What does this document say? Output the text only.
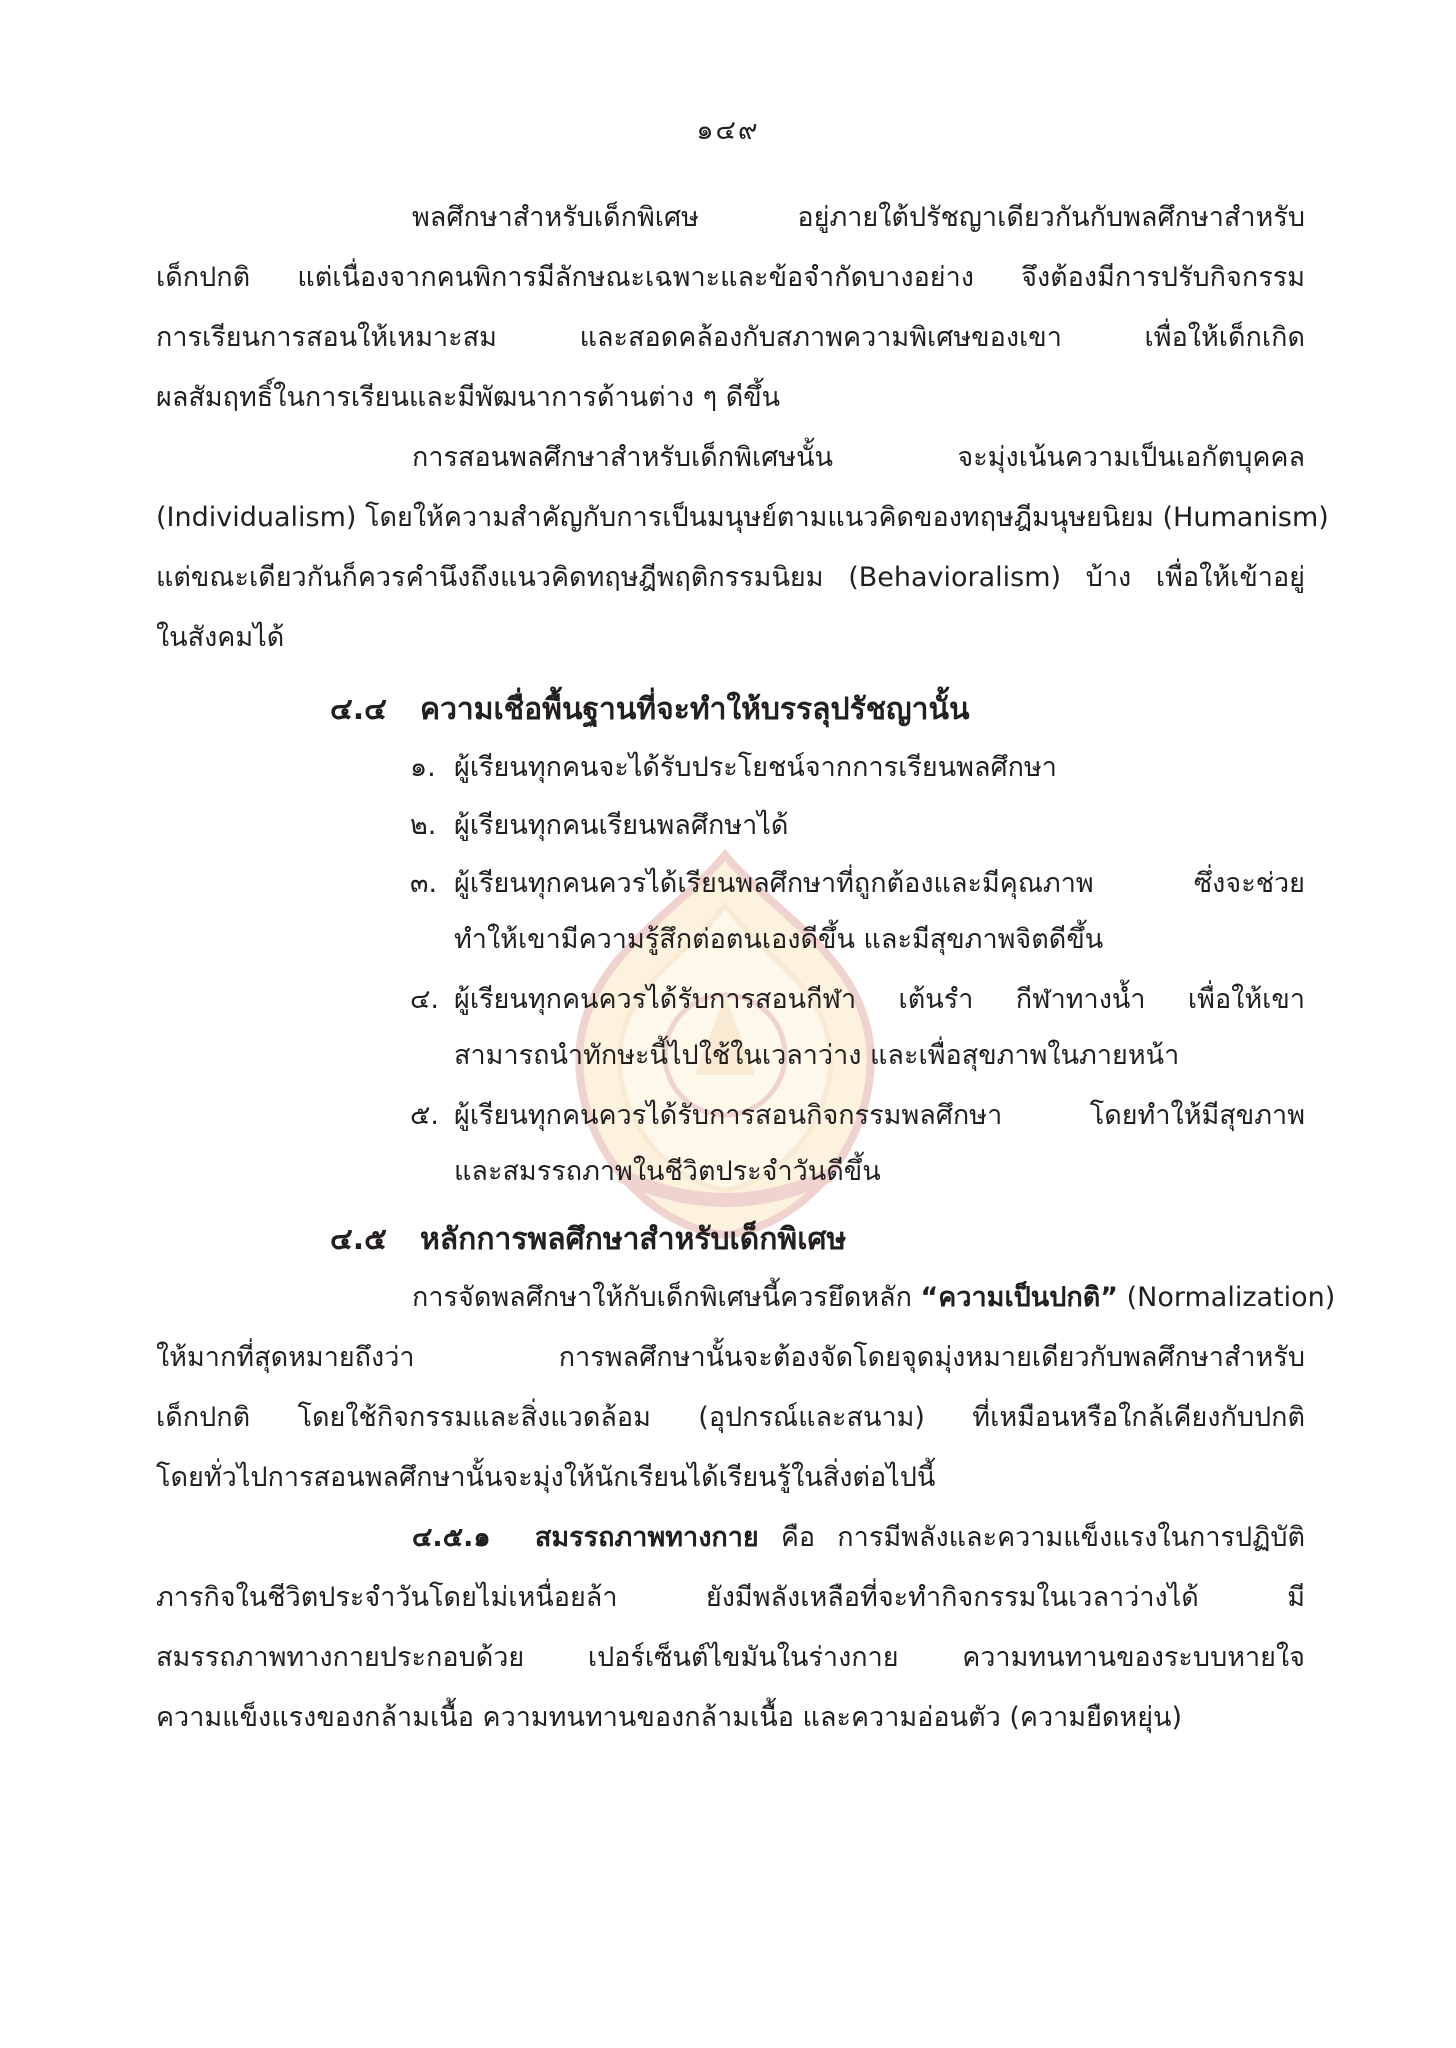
๑๔๙
พลศึกษาสำหรับเด็กพิเศษ อยู่ภายใต้ปรัชญาเดียวกันกับพลศึกษาสำหรับ
เด็กปกติ แต่เนื่องจากคนพิการมีลักษณะเฉพาะและข้อจำกัดบางอย่าง จึงต้องมีการปรับกิจกรรม
การเรียนการสอนให้เหมาะสม และสอดคล้องกับสภาพความพิเศษของเขา เพื่อให้เด็กเกิด
ผลสัมฤทธิ์ในการเรียนและมีพัฒนาการด้านต่าง ๆ ดีขึ้น
การสอนพลศึกษาสำหรับเด็กพิเศษนั้น จะมุ่งเน้นความเป็นเอกัตบุคคล
(Individualism) โดยให้ความสำคัญกับการเป็นมนุษย์ตามแนวคิดของทฤษฎีมนุษยนิยม (Humanism)
แต่ขณะเดียวกันก็ควรคำนึงถึงแนวคิดทฤษฎีพฤติกรรมนิยม (Behavioralism) บ้าง เพื่อให้เข้าอยู่
ในสังคมได้
๔.๔ ความเชื่อพื้นฐานที่จะทำให้บรรลุปรัชญานั้น
๑. ผู้เรียนทุกคนจะได้รับประโยชน์จากการเรียนพลศึกษา
๒. ผู้เรียนทุกคนเรียนพลศึกษาได้
๓. ผู้เรียนทุกคนควรได้เรียนพลศึกษาที่ถูกต้องและมีคุณภาพ ซึ่งจะช่วย
ทำให้เขามีความรู้สึกต่อตนเองดีขึ้น และมีสุขภาพจิตดีขึ้น
๔. ผู้เรียนทุกคนควรได้รับการสอนกีฬา เต้นรำ กีฬาทางน้ำ เพื่อให้เขา
สามารถนำทักษะนี้ไปใช้ในเวลาว่าง และเพื่อสุขภาพในภายหน้า
๕. ผู้เรียนทุกคนควรได้รับการสอนกิจกรรมพลศึกษา โดยทำให้มีสุขภาพ
และสมรรถภาพในชีวิตประจำวันดีขึ้น
๔.๕ หลักการพลศึกษาสำหรับเด็กพิเศษ
การจัดพลศึกษาให้กับเด็กพิเศษนี้ควรยึดหลัก “ความเป็นปกติ” (Normalization)
ให้มากที่สุดหมายถึงว่า การพลศึกษานั้นจะต้องจัดโดยจุดมุ่งหมายเดียวกับพลศึกษาสำหรับ
เด็กปกติ โดยใช้กิจกรรมและสิ่งแวดล้อม (อุปกรณ์และสนาม) ที่เหมือนหรือใกล้เคียงกับปกติ
โดยทั่วไปการสอนพลศึกษานั้นจะมุ่งให้นักเรียนได้เรียนรู้ในสิ่งต่อไปนี้
๔.๕.๑ สมรรถภาพทางกาย คือ การมีพลังและความแข็งแรงในการปฏิบัติ
ภารกิจในชีวิตประจำวันโดยไม่เหนื่อยล้า ยังมีพลังเหลือที่จะทำกิจกรรมในเวลาว่างได้ มี
สมรรถภาพทางกายประกอบด้วย เปอร์เซ็นต์ไขมันในร่างกาย ความทนทานของระบบหายใจ
ความแข็งแรงของกล้ามเนื้อ ความทนทานของกล้ามเนื้อ และความอ่อนตัว (ความยืดหยุ่น)
